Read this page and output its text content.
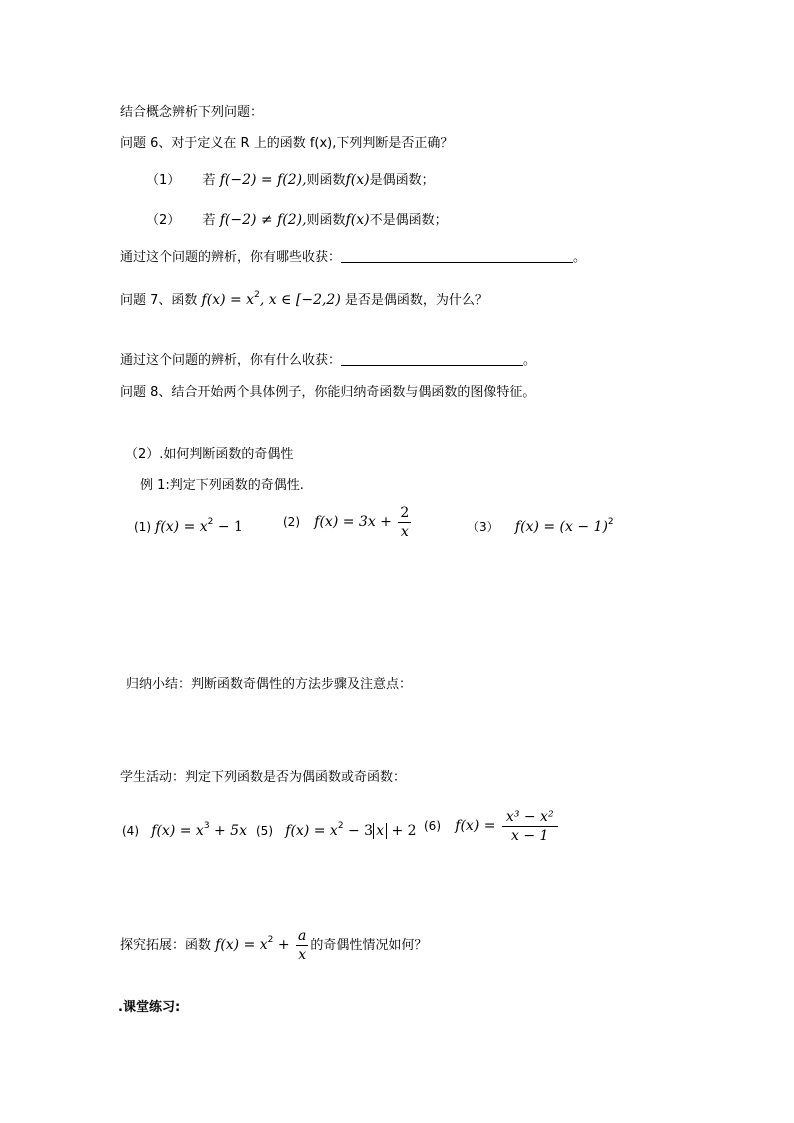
结合概念辨析下列问题：
问题 6、对于定义在 R 上的函数 f(x),下列判断是否正确？
（1） 若 f(−2) = f(2),则函数f(x)是偶函数；
（2） 若 f(−2) ≠ f(2),则函数f(x)不是偶函数；
通过这个问题的辨析，你有哪些收获：	。
问题 7、函数 $f(x) = x^2$, x ∈ [−2,2) 是否是偶函数，为什么？
通过这个问题的辨析，你有什么收获：	。
问题 8、结合开始两个具体例子，你能归纳奇函数与偶函数的图像特征。
（2）.如何判断函数的奇偶性
例 1:判定下列函数的奇偶性.
(1) $f(x) = x^2 - 1$	(2) $f(x) = 3x + \frac{2}{x}$	（3） $f(x) = (x - 1)^2$
归纳小结：判断函数奇偶性的方法步骤及注意点：
学生活动：判定下列函数是否为偶函数或奇函数：
(4) $f(x) = x^3 + 5x$ (5) $f(x) = x^2 - 3$ x + 2 (6) $f(x) = \frac{\text{x³ − x²}}{x - 1}$
探究拓展：函数 $f(x) = x^2 + \frac{a}{x}$ 的奇偶性情况如何？
.课堂练习:
